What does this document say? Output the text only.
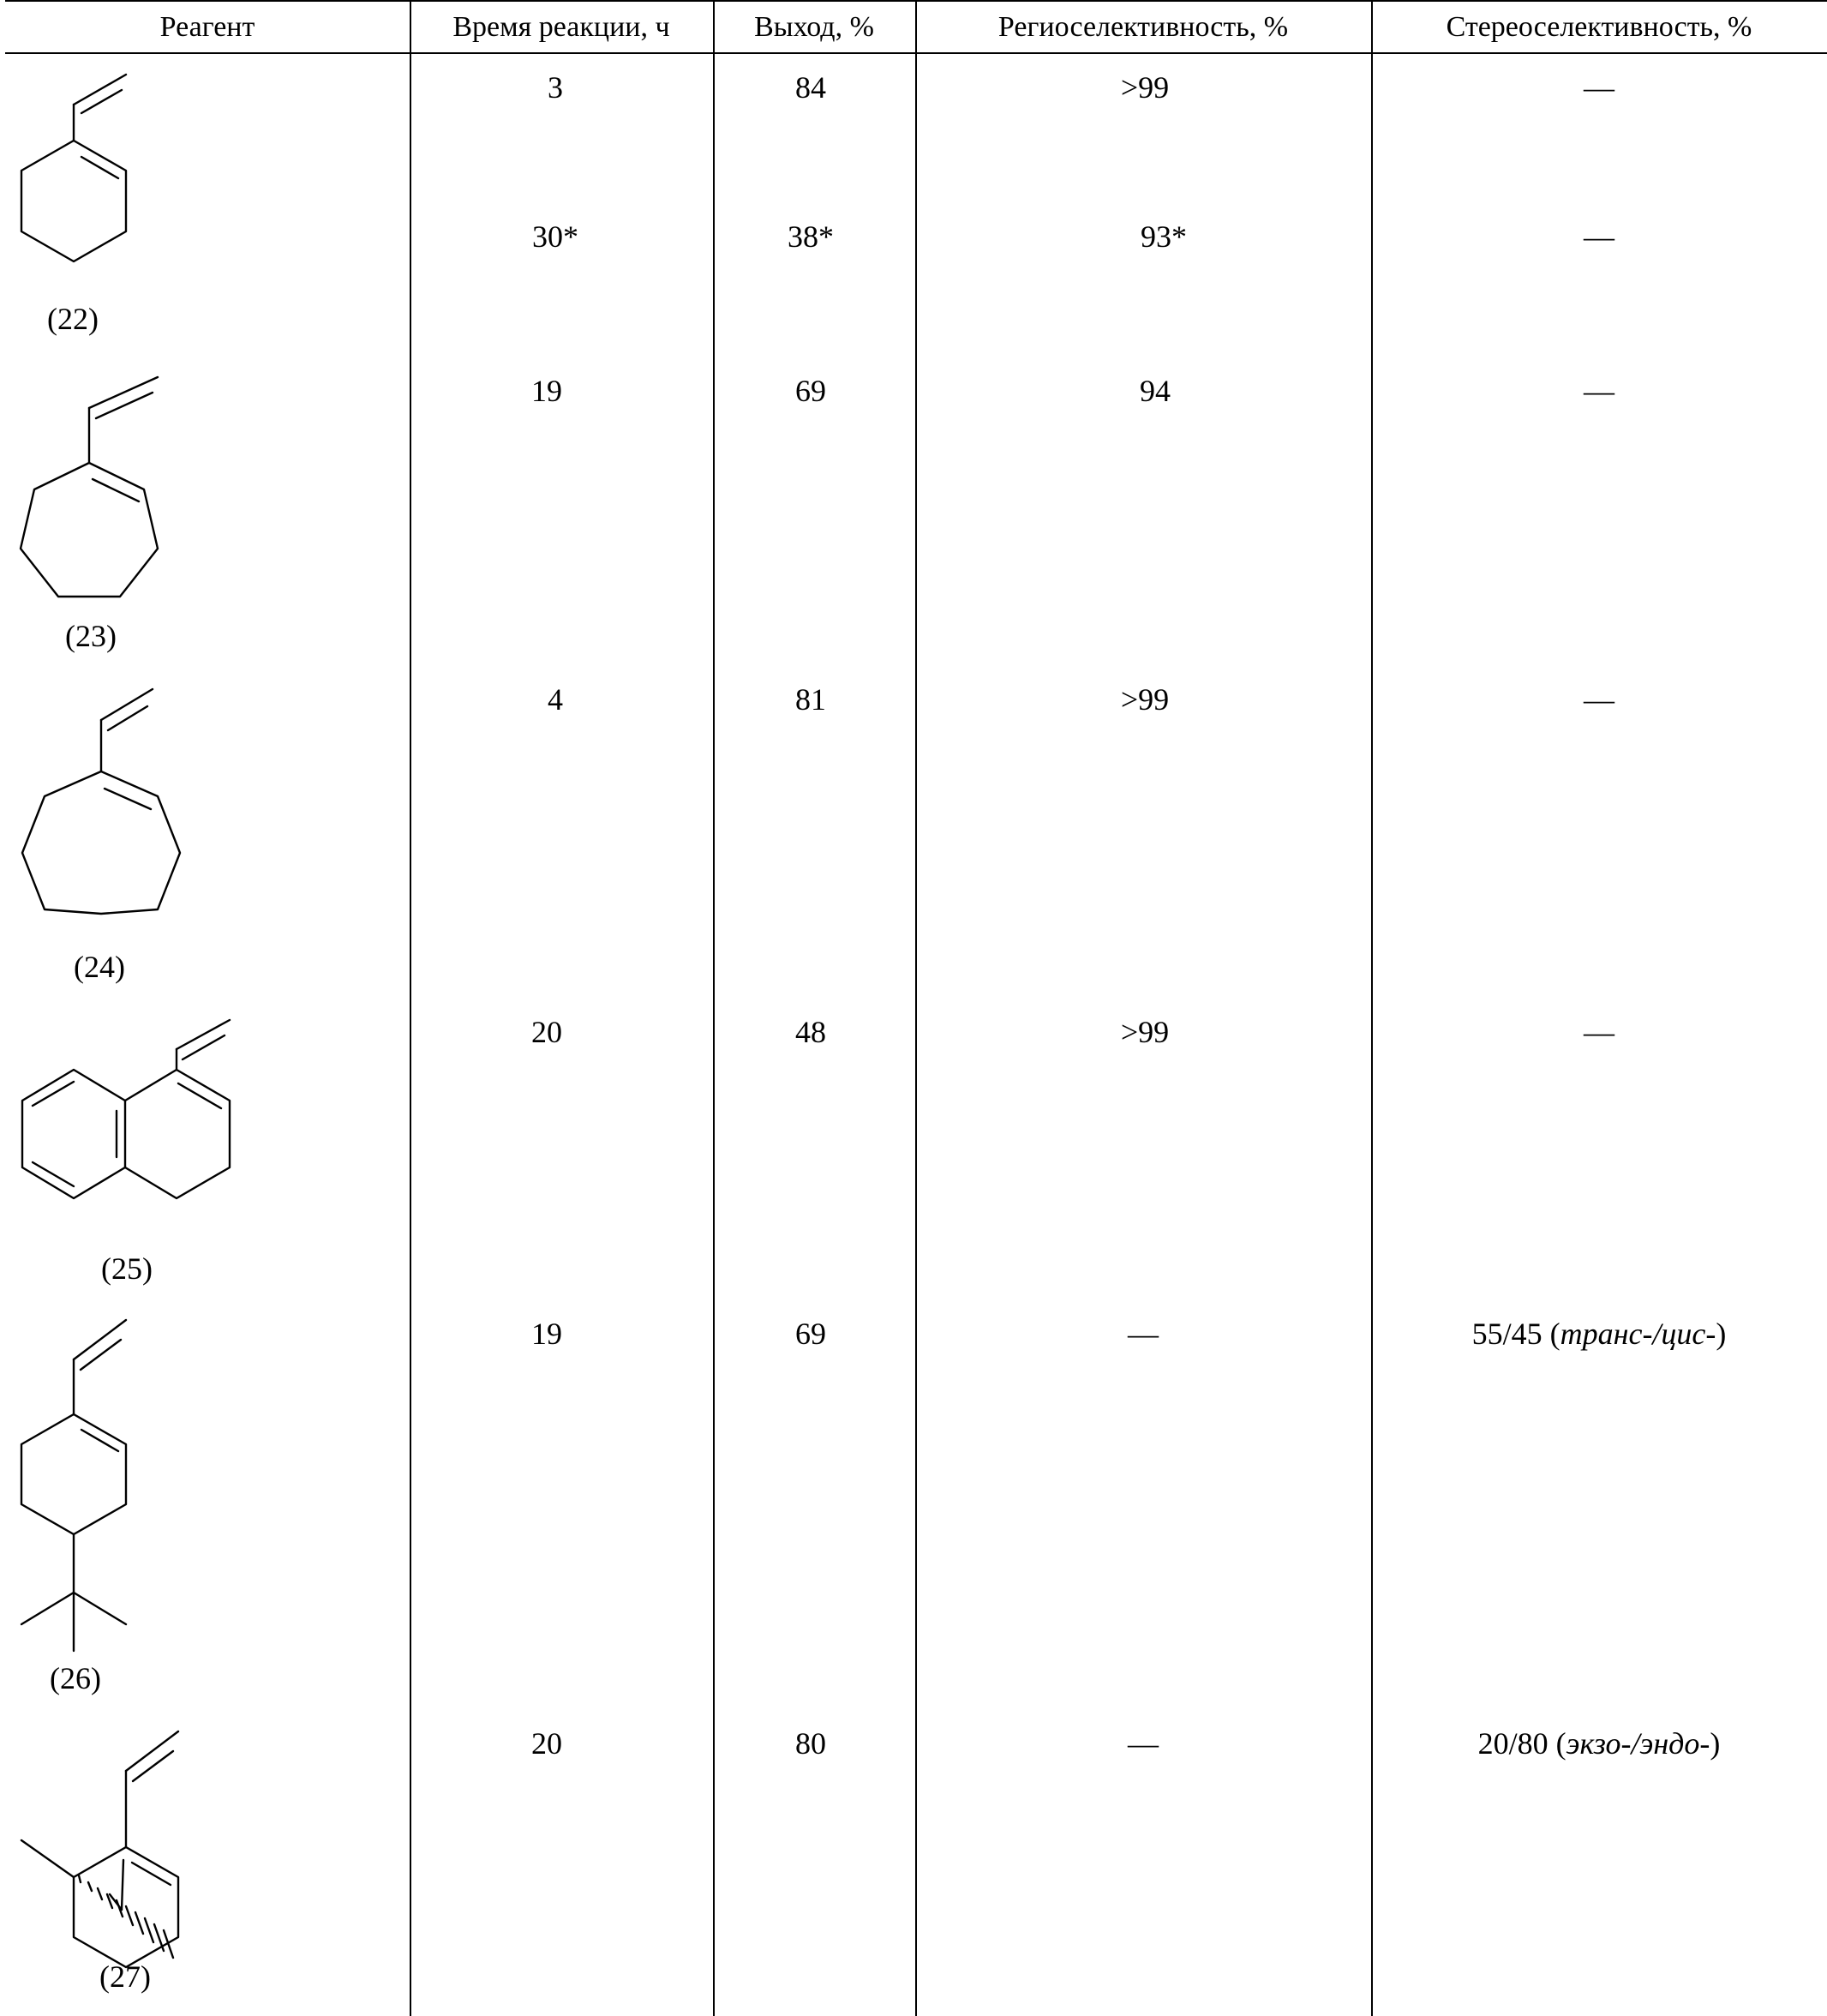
Реагент	Время реакции, ч	Выход, %	Региоселективность, %	Стереоселективность, %
(22)
3	84	>99	—
30*	38*	93*	—
(23)
19	69	94	—
(24)
4	81	>99	—
(25)
20	48	>99	—
(26)
19	69	—	55/45 (транс-/цис-)
(27)
20	80	—	20/80 (экзо-/эндо-)
